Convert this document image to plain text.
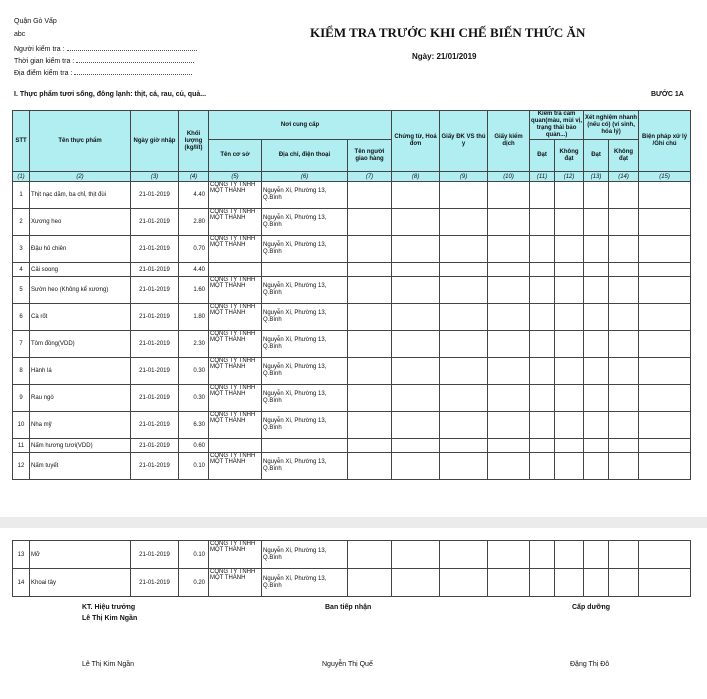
Quận Gò Vấp
abc
Người kiểm tra :
Thời gian kiểm tra :
Địa điểm kiểm tra :
KIỂM TRA TRƯỚC KHI CHẾ BIẾN THỨC ĂN
Ngày: 21/01/2019
I. Thực phẩm tươi sống, đông lạnh: thịt, cá, rau, củ, quả...	BƯỚC 1A
STT	Tên thực phẩm	Ngày giờ nhập	Khối lượng (kg/lít)	Nơi cung cấp			Chứng từ, Hoá đơn	Giấy ĐK VS thú y	Giấy kiểm dịch	Kiểm tra cảm quan(màu, mùi vị, trạng thái bảo quản...)		Xét nghiệm nhanh (nếu có) (vi sinh, hóa lý)		Biện pháp xử lý /Ghi chú
				Tên cơ sở	Địa chỉ, điện thoại	Tên người giao hàng				Đạt	Không đạt	Đạt	Không đạt	
(1)	(2)	(3)	(4)	(5)	(6)	(7)	(8)	(9)	(10)	(11)	(12)	(13)	(14)	(15)
1	Thịt nạc dăm, ba chỉ, thịt đùi	21-01-2019	4.40	CÔNG TY TNHH MỘT THÀNH	Nguyễn Xí, Phường 13, Q.Bình									
2	Xương heo	21-01-2019	2.80	CÔNG TY TNHH MỘT THÀNH	Nguyễn Xí, Phường 13, Q.Bình									
3	Đậu hủ chiên	21-01-2019	0.70	CÔNG TY TNHH MỘT THÀNH	Nguyễn Xí, Phường 13, Q.Bình									
4	Cải soong	21-01-2019	4.40											
5	Sườn heo (Không kể xương)	21-01-2019	1.60	CÔNG TY TNHH MỘT THÀNH	Nguyễn Xí, Phường 13, Q.Bình									
6	Cà rốt	21-01-2019	1.80	CÔNG TY TNHH MỘT THÀNH	Nguyễn Xí, Phường 13, Q.Bình									
7	Tôm đồng(VDD)	21-01-2019	2.30	CÔNG TY TNHH MỘT THÀNH	Nguyễn Xí, Phường 13, Q.Bình									
8	Hành lá	21-01-2019	0.30	CÔNG TY TNHH MỘT THÀNH	Nguyễn Xí, Phường 13, Q.Bình									
9	Rau ngò	21-01-2019	0.30	CÔNG TY TNHH MỘT THÀNH	Nguyễn Xí, Phường 13, Q.Bình									
10	Nha mỹ	21-01-2019	6.30	CÔNG TY TNHH MỘT THÀNH	Nguyễn Xí, Phường 13, Q.Bình									
11	Nấm hương tươi(VDD)	21-01-2019	0.60											
12	Nấm tuyết	21-01-2019	0.10	CÔNG TY TNHH MỘT THÀNH	Nguyễn Xí, Phường 13, Q.Bình									
13	Mỡ	21-01-2019	0.10	CÔNG TY TNHH MỘT THÀNH	Nguyễn Xí, Phường 13, Q.Bình									
14	Khoai tây	21-01-2019	0.20	CÔNG TY TNHH MỘT THÀNH	Nguyễn Xí, Phường 13, Q.Bình									
KT. Hiệu trưởng
Lê Thị Kim Ngần
Ban tiếp nhận	Cấp dưỡng
Lê Thị Kim Ngần	Nguyễn Thị Quế	Đặng Thị Đô
